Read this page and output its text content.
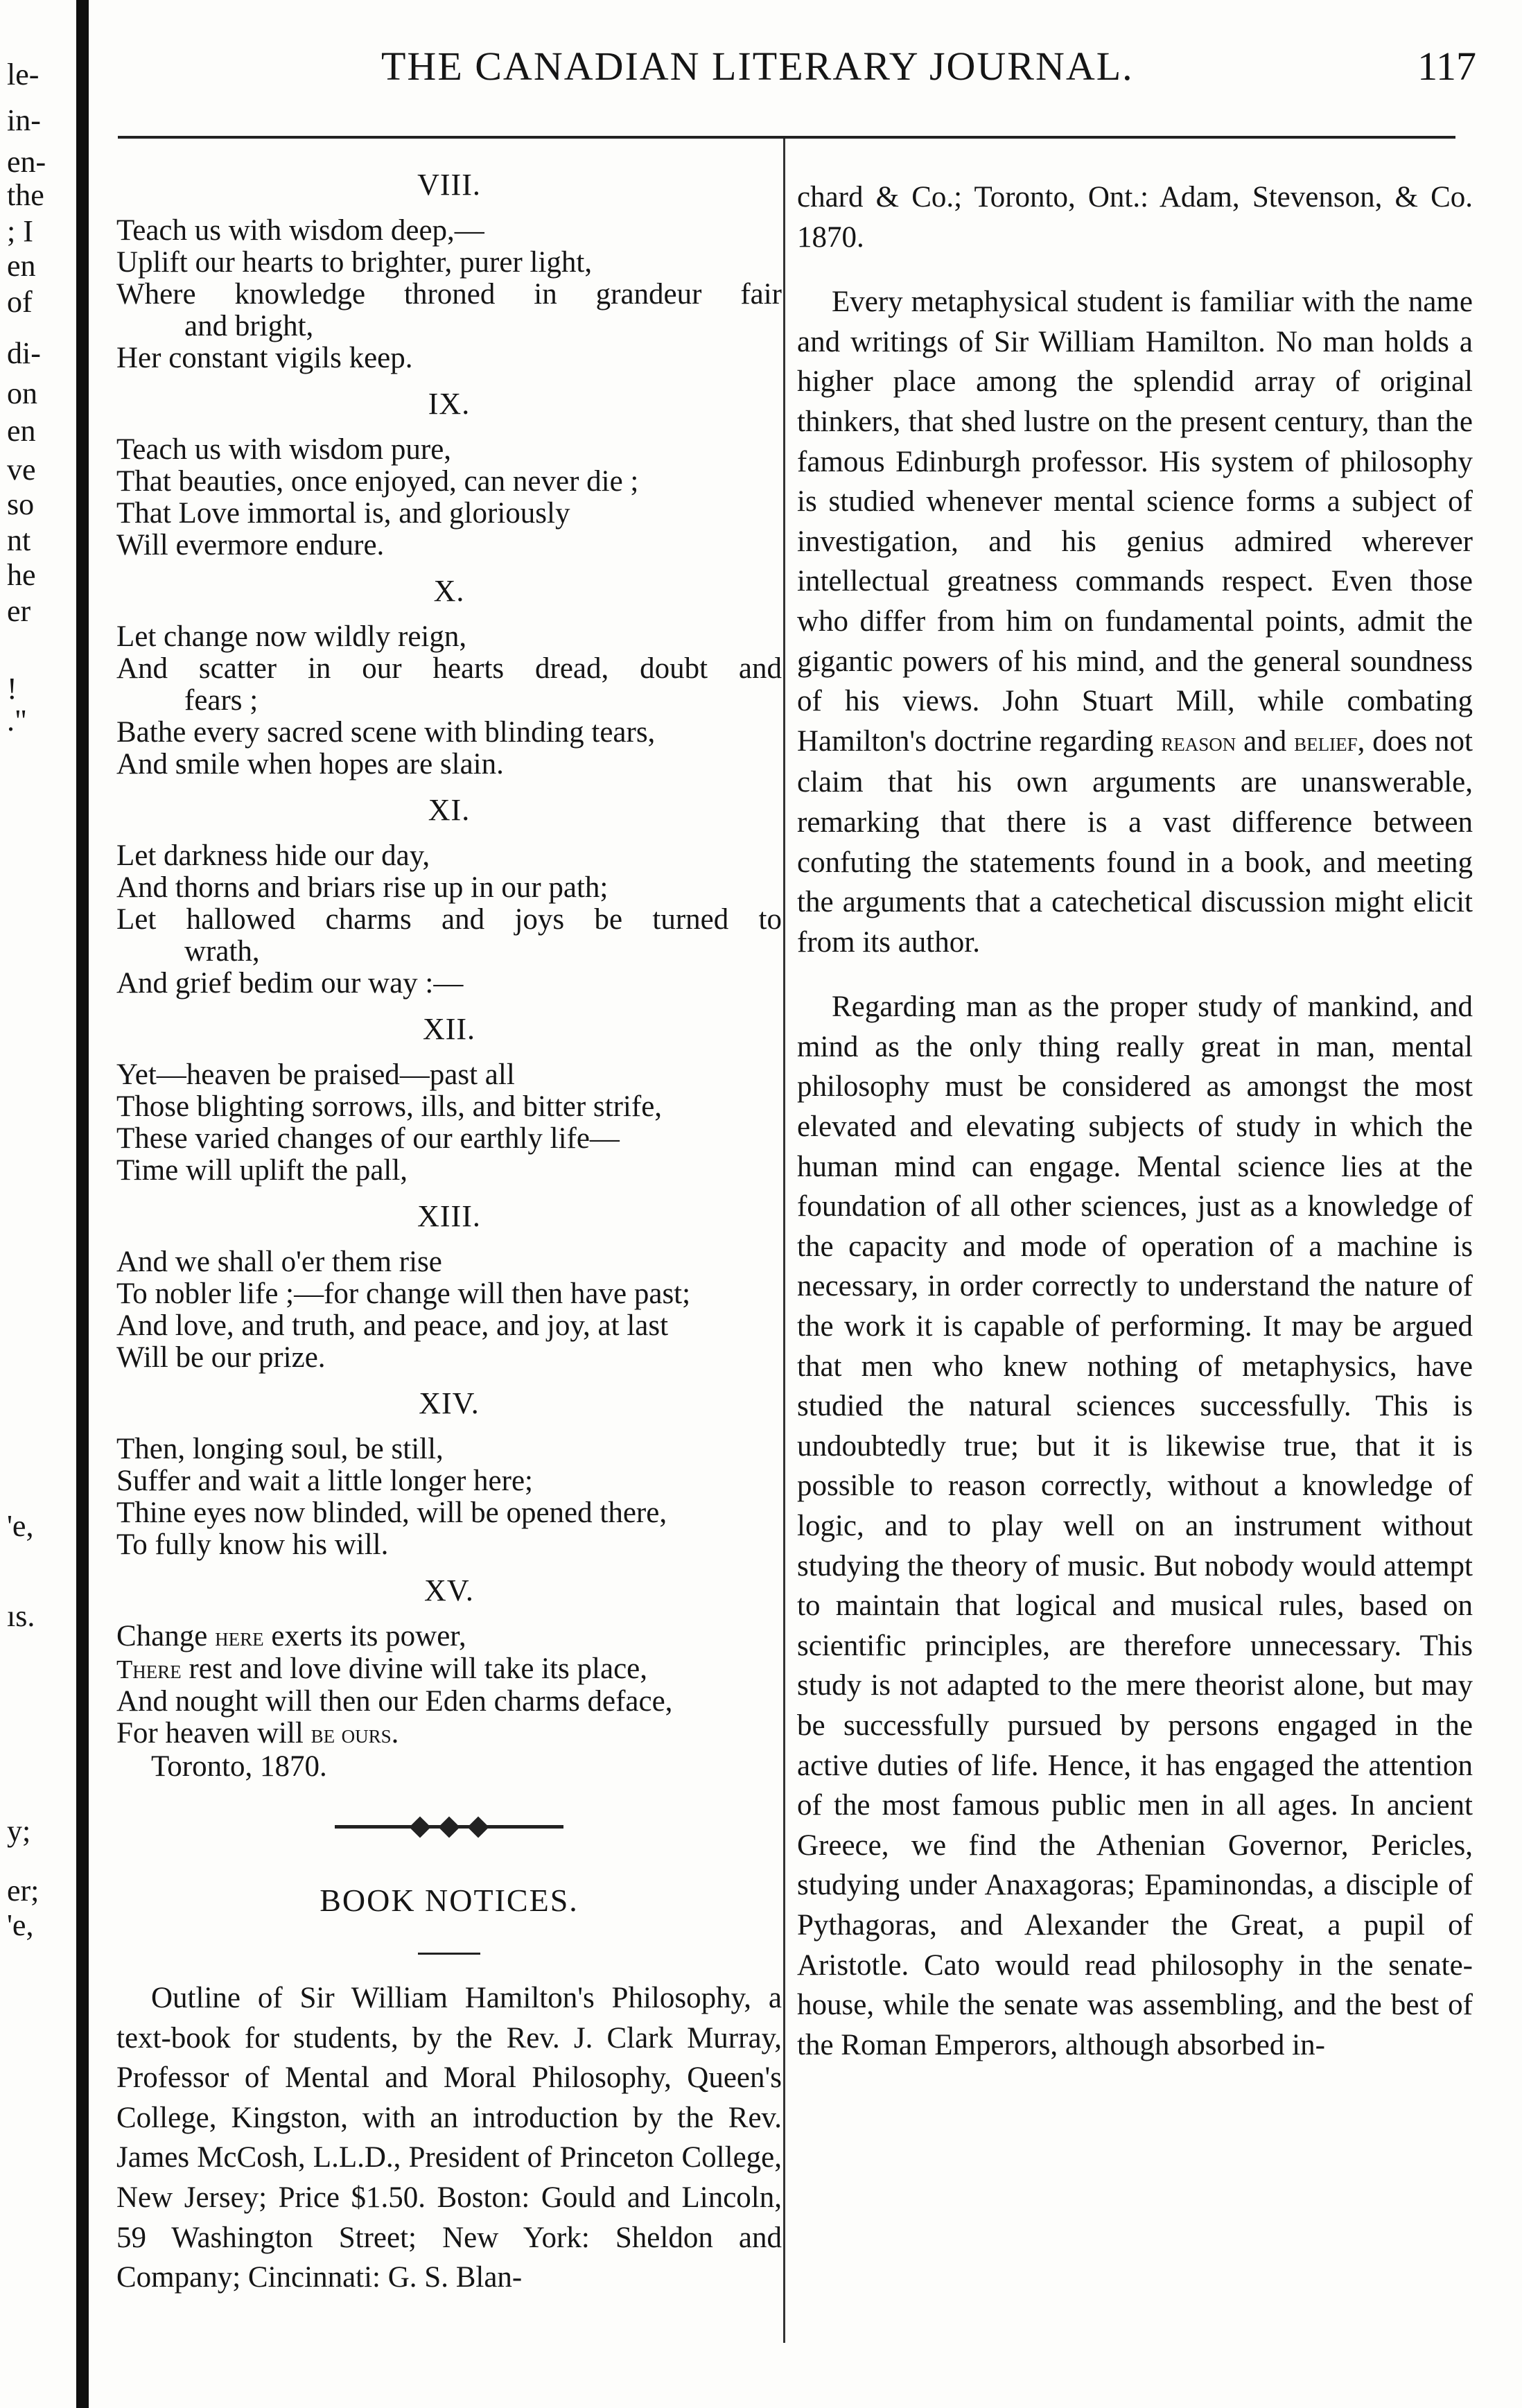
le-
in-
en-
the
; I
en
of
di-
on
en
ve
so
nt
he
er
!
."
'e,
ıs.
y;
er;
'e,
THE CANADIAN LITERARY JOURNAL.	117
VIII.

Teach us with wisdom deep,—

Uplift our hearts to brighter, purer light,

Where knowledge throned in grandeur fair

and bright,

Her constant vigils keep.

IX.

Teach us with wisdom pure,

That beauties, once enjoyed, can never die ;

That Love immortal is, and gloriously

Will evermore endure.

X.

Let change now wildly reign,

And scatter in our hearts dread, doubt and

fears ;

Bathe every sacred scene with blinding tears,

And smile when hopes are slain.

XI.

Let darkness hide our day,

And thorns and briars rise up in our path;

Let hallowed charms and joys be turned to

wrath,

And grief bedim our way :—

XII.

Yet—heaven be praised—past all

Those blighting sorrows, ills, and bitter strife,

These varied changes of our earthly life—

Time will uplift the pall,

XIII.

And we shall o'er them rise

To nobler life ;—for change will then have past;

And love, and truth, and peace, and joy, at last

Will be our prize.

XIV.

Then, longing soul, be still,

Suffer and wait a little longer here;

Thine eyes now blinded, will be opened there,

To fully know his will.

XV.

Change here exerts its power,

There rest and love divine will take its place,

And nought will then our Eden charms deface,

For heaven will be ours.

Toronto, 1870.

BOOK NOTICES.

Outline of Sir William Hamilton's Philosophy, a text-book for students, by the Rev. J. Clark Murray, Professor of Mental and Moral Philosophy, Queen's College, Kingston, with an introduction by the Rev. James McCosh, L.L.D., President of Princeton College, New Jersey; Price $1.50. Boston: Gould and Lincoln, 59 Washington Street; New York: Sheldon and Company; Cincinnati: G. S. Blan-

chard & Co.; Toronto, Ont.: Adam, Stevenson, & Co. 1870.

Every metaphysical student is familiar with the name and writings of Sir William Hamilton. No man holds a higher place among the splendid array of original thinkers, that shed lustre on the present century, than the famous Edinburgh professor. His system of philosophy is studied whenever mental science forms a subject of investigation, and his genius admired wherever intellectual greatness commands respect. Even those who differ from him on fundamental points, admit the gigantic powers of his mind, and the general soundness of his views. John Stuart Mill, while combating Hamilton's doctrine regarding reason and belief, does not claim that his own arguments are unanswerable, remarking that there is a vast difference between confuting the statements found in a book, and meeting the arguments that a catechetical discussion might elicit from its author.

Regarding man as the proper study of mankind, and mind as the only thing really great in man, mental philosophy must be considered as amongst the most elevated and elevating subjects of study in which the human mind can engage. Mental science lies at the foundation of all other sciences, just as a knowledge of the capacity and mode of operation of a machine is necessary, in order correctly to understand the nature of the work it is capable of performing. It may be argued that men who knew nothing of metaphysics, have studied the natural sciences successfully. This is undoubtedly true; but it is likewise true, that it is possible to reason correctly, without a knowledge of logic, and to play well on an instrument without studying the theory of music. But nobody would attempt to maintain that logical and musical rules, based on scientific principles, are therefore unnecessary. This study is not adapted to the mere theorist alone, but may be successfully pursued by persons engaged in the active duties of life. Hence, it has engaged the attention of the most famous public men in all ages. In ancient Greece, we find the Athenian Governor, Pericles, studying under Anaxagoras; Epaminondas, a disciple of Pythagoras, and Alexander the Great, a pupil of Aristotle. Cato would read philosophy in the senate-house, while the senate was assembling, and the best of the Roman Emperors, although absorbed in-
